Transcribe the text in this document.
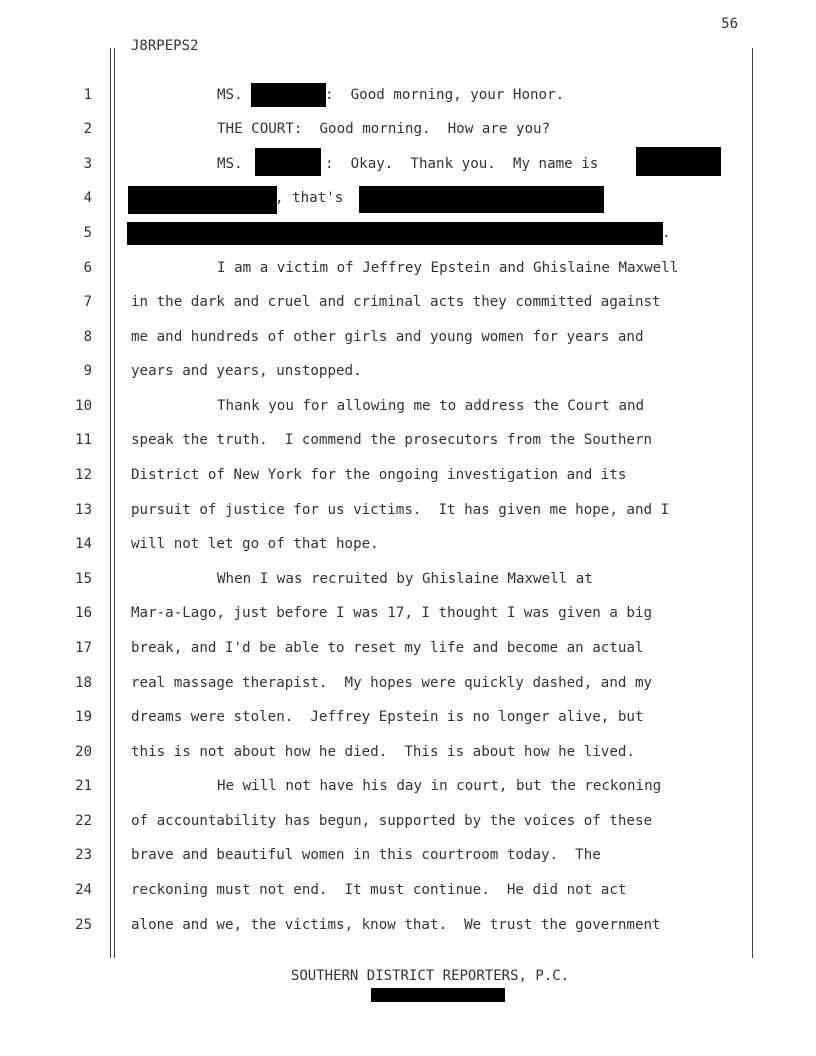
56
J8RPEPS2
1
2
3
4
5
6
7
8
9
10
11
12
13
14
15
16
17
18
19
20
21
22
23
24
25
MS.	:  Good morning, your Honor.
THE COURT:  Good morning.  How are you?
MS.	:  Okay.  Thank you.  My name is
, that's
.
I am a victim of Jeffrey Epstein and Ghislaine Maxwell
in the dark and cruel and criminal acts they committed against
me and hundreds of other girls and young women for years and
years and years, unstopped.
Thank you for allowing me to address the Court and
speak the truth.  I commend the prosecutors from the Southern
District of New York for the ongoing investigation and its
pursuit of justice for us victims.  It has given me hope, and I
will not let go of that hope.
When I was recruited by Ghislaine Maxwell at
Mar-a-Lago, just before I was 17, I thought I was given a big
break, and I'd be able to reset my life and become an actual
real massage therapist.  My hopes were quickly dashed, and my
dreams were stolen.  Jeffrey Epstein is no longer alive, but
this is not about how he died.  This is about how he lived.
He will not have his day in court, but the reckoning
of accountability has begun, supported by the voices of these
brave and beautiful women in this courtroom today.  The
reckoning must not end.  It must continue.  He did not act
alone and we, the victims, know that.  We trust the government
SOUTHERN DISTRICT REPORTERS, P.C.
